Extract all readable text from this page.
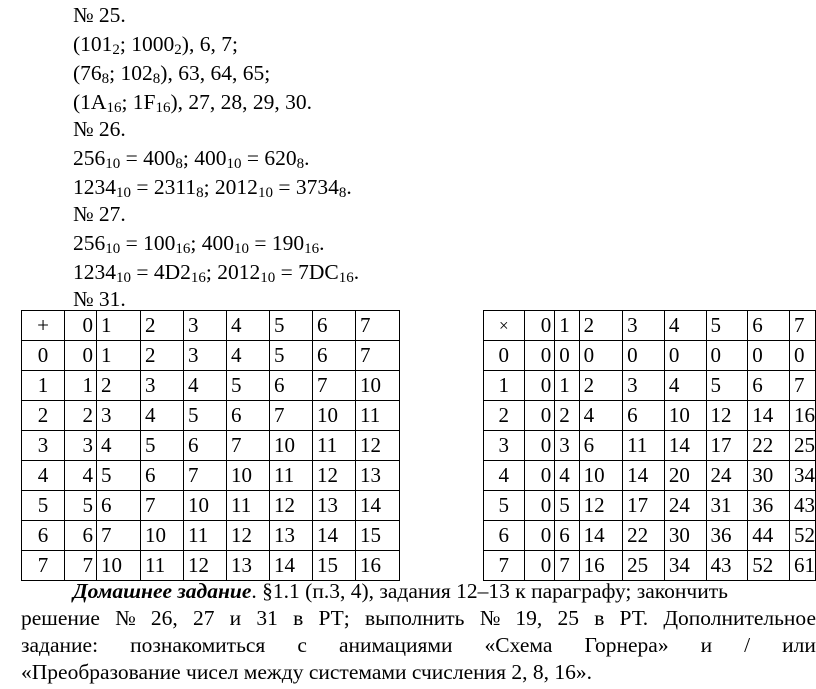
№ 25.
($101_2$; $1000_2$), 6, 7;
($76_8$; $102_8$), 63, 64, 65;
($1A_{16}$; $1F_{16}$), 27, 28, 29, 30.
№ 26.
$256_{10} = 400_8$; $400_{10} = 620_8$.
$1234_{10} = 2311_8$; $2012_{10} = 3734_8$.
№ 27.
$256_{10} = 100_{16}$; $400_{10} = 190_{16}$.
$1234_{10} = 4D2_{16}$; $2012_{10} = 7DC_{16}$.
№ 31.
+	0	1	2	3	4	5	6	7
0	0	1	2	3	4	5	6	7
1	1	2	3	4	5	6	7	10
2	2	3	4	5	6	7	10	11
3	3	4	5	6	7	10	11	12
4	4	5	6	7	10	11	12	13
5	5	6	7	10	11	12	13	14
6	6	7	10	11	12	13	14	15
7	7	10	11	12	13	14	15	16
×	0	1	2	3	4	5	6	7
0	0	0	0	0	0	0	0	0
1	0	1	2	3	4	5	6	7
2	0	2	4	6	10	12	14	16
3	0	3	6	11	14	17	22	25
4	0	4	10	14	20	24	30	34
5	0	5	12	17	24	31	36	43
6	0	6	14	22	30	36	44	52
7	0	7	16	25	34	43	52	61
Домашнее задание. §1.1 (п.3, 4), задания 12–13 к параграфу; закончить
решение № 26, 27 и 31 в РТ; выполнить № 19, 25 в РТ. Дополнительное
задание: познакомиться с анимациями «Схема Горнера» и / или
«Преобразование чисел между системами счисления 2, 8, 16».
